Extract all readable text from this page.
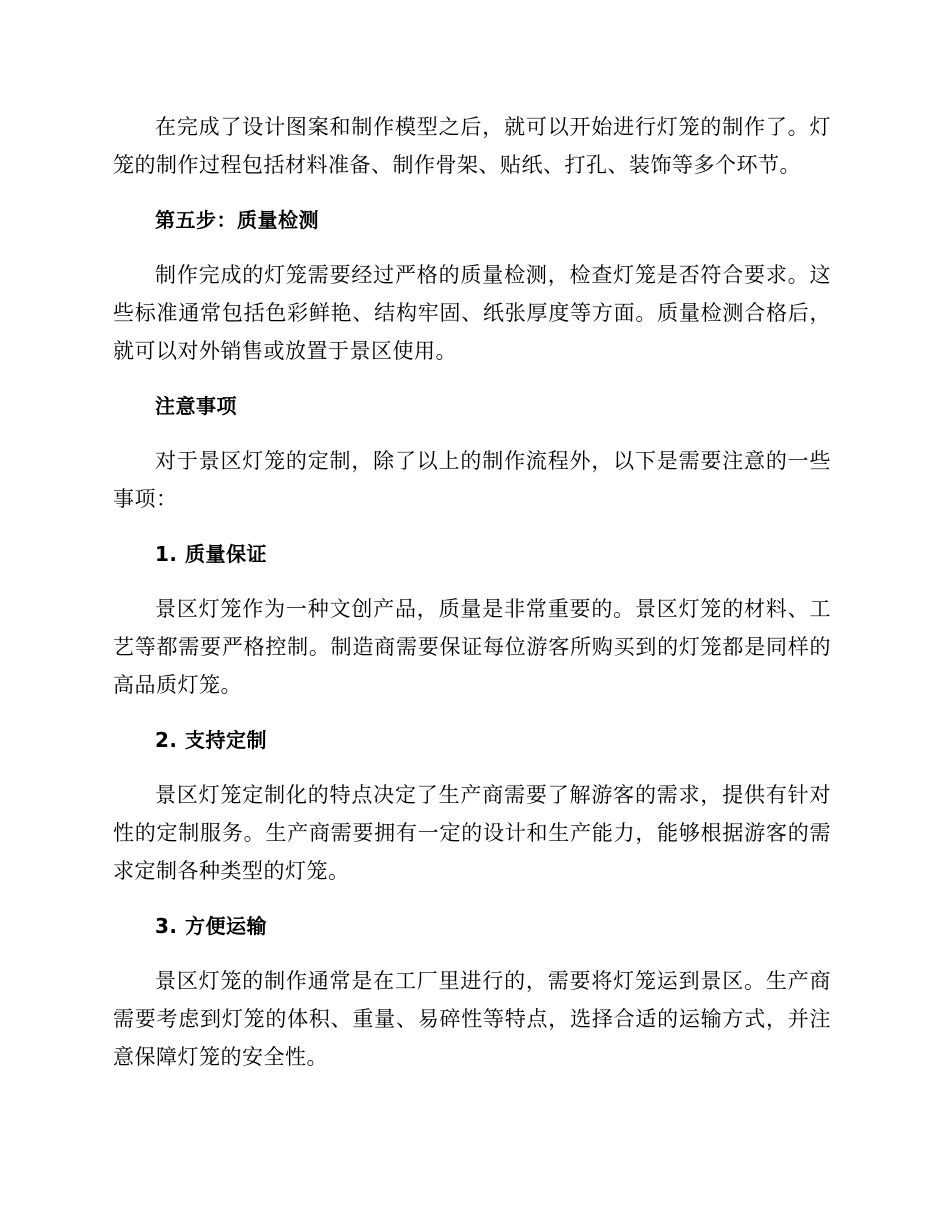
在完成了设计图案和制作模型之后，就可以开始进行灯笼的制作了。灯笼的制作过程包括材料准备、制作骨架、贴纸、打孔、装饰等多个环节。

第五步：质量检测

制作完成的灯笼需要经过严格的质量检测，检查灯笼是否符合要求。这些标准通常包括色彩鲜艳、结构牢固、纸张厚度等方面。质量检测合格后，就可以对外销售或放置于景区使用。

注意事项

对于景区灯笼的定制，除了以上的制作流程外，以下是需要注意的一些事项：

1. 质量保证

景区灯笼作为一种文创产品，质量是非常重要的。景区灯笼的材料、工艺等都需要严格控制。制造商需要保证每位游客所购买到的灯笼都是同样的高品质灯笼。

2. 支持定制

景区灯笼定制化的特点决定了生产商需要了解游客的需求，提供有针对性的定制服务。生产商需要拥有一定的设计和生产能力，能够根据游客的需求定制各种类型的灯笼。

3. 方便运输

景区灯笼的制作通常是在工厂里进行的，需要将灯笼运到景区。生产商需要考虑到灯笼的体积、重量、易碎性等特点，选择合适的运输方式，并注意保障灯笼的安全性。
